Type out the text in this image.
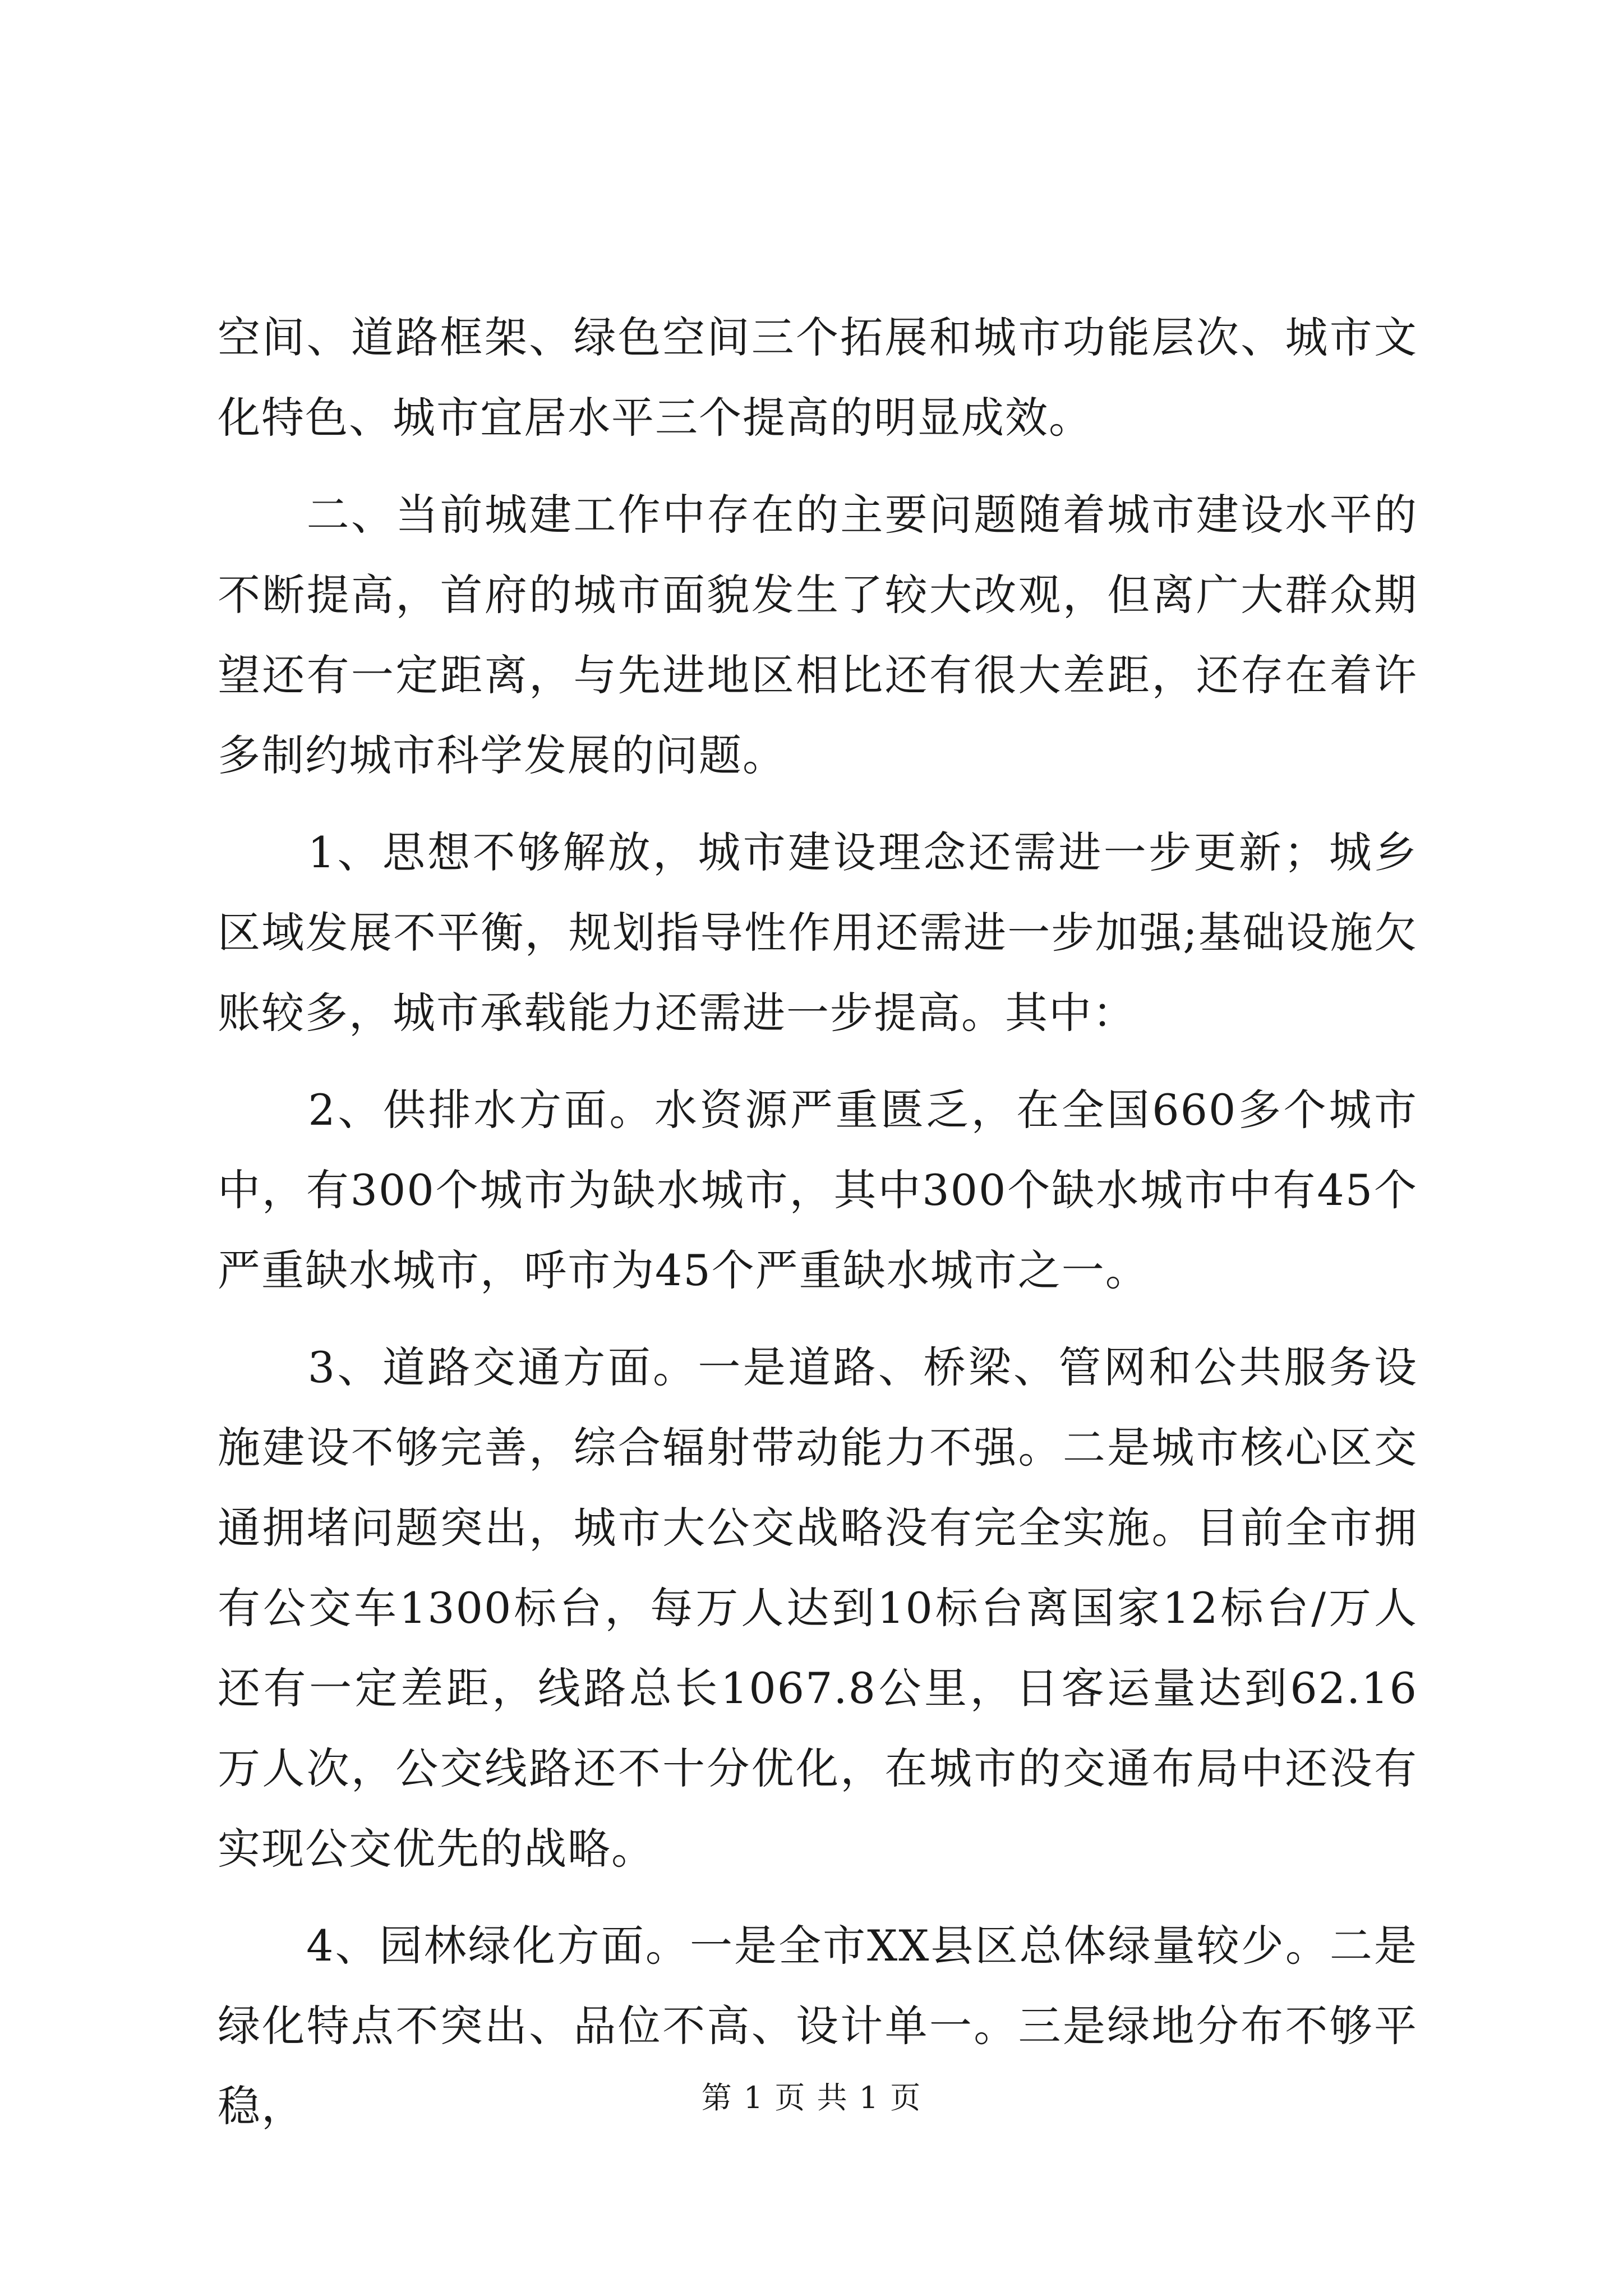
空间、道路框架、绿色空间三个拓展和城市功能层次、城市文化特色、城市宜居水平三个提高的明显成效。

　　二、当前城建工作中存在的主要问题随着城市建设水平的不断提高，首府的城市面貌发生了较大改观，但离广大群众期望还有一定距离，与先进地区相比还有很大差距，还存在着许多制约城市科学发展的问题。

　　1、思想不够解放，城市建设理念还需进一步更新；城乡区域发展不平衡，规划指导性作用还需进一步加强;基础设施欠账较多，城市承载能力还需进一步提高。其中：

　　2、供排水方面。水资源严重匮乏，在全国660多个城市中，有300个城市为缺水城市，其中300个缺水城市中有45个严重缺水城市，呼市为45个严重缺水城市之一。

　　3、道路交通方面。一是道路、桥梁、管网和公共服务设施建设不够完善，综合辐射带动能力不强。二是城市核心区交通拥堵问题突出，城市大公交战略没有完全实施。目前全市拥有公交车1300标台，每万人达到10标台离国家12标台/万人还有一定差距，线路总长1067.8公里，日客运量达到62.16万人次，公交线路还不十分优化，在城市的交通布局中还没有实现公交优先的战略。

　　4、园林绿化方面。一是全市XX县区总体绿量较少。二是绿化特点不突出、品位不高、设计单一。三是绿地分布不够平稳，	第 1 页 共 1 页
